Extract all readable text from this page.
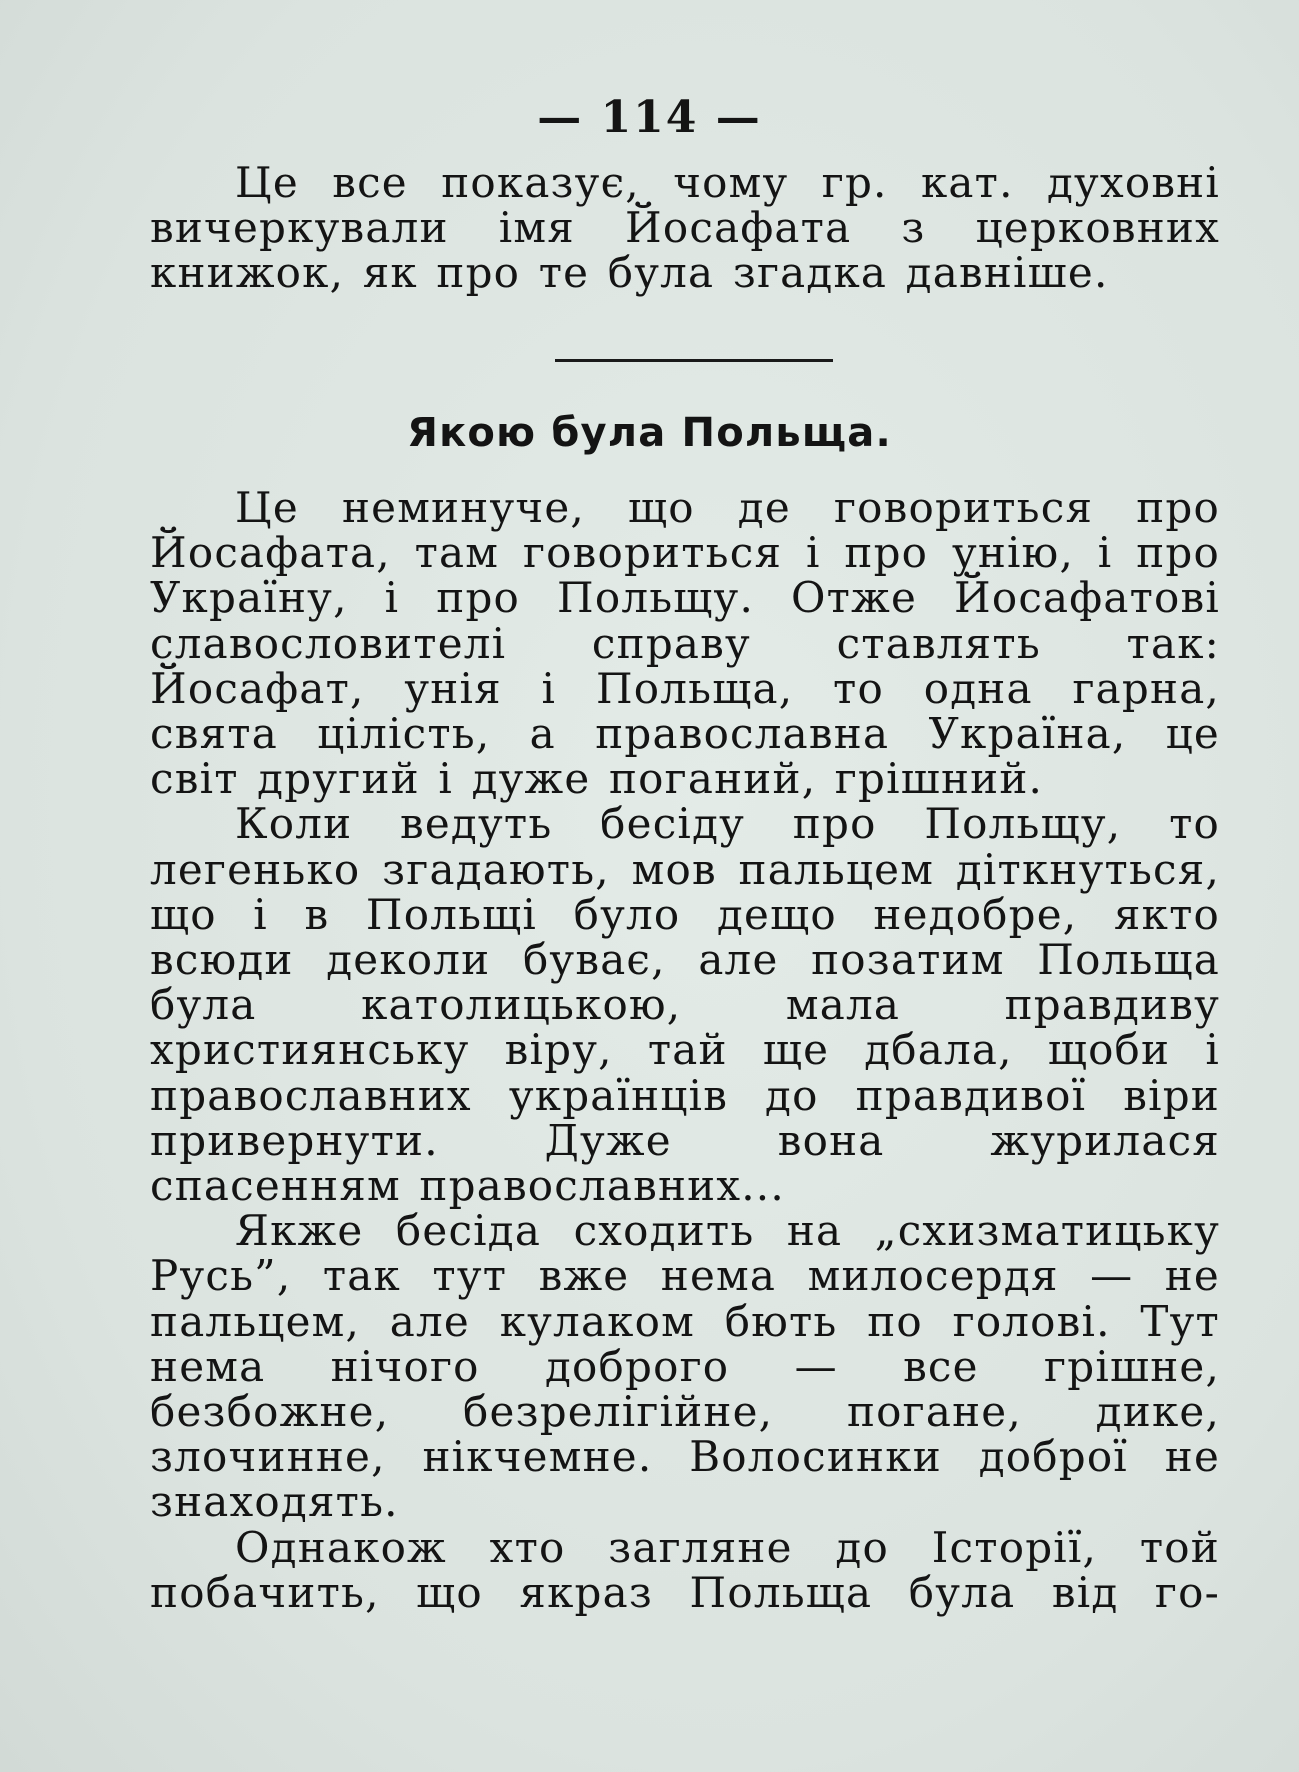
— 114 —

Це все показує, чому гр. кат. духовні вичеркували імя Йосафата з церковних книжок, як про те була згадка давніше.

Якою була Польща.

Це неминуче, що де говориться про Йосафата, там говориться і про унію, і про Україну, і про Польщу. Отже Йосафатові славословителі справу ставлять так: Йосафат, унія і Польща, то одна гарна, свята цілість, а православна Україна, це світ другий і дуже поганий, грішний.

Коли ведуть бесіду про Польщу, то легенько згадають, мов пальцем діткнуться, що і в Польщі було дещо недобре, якто всюди деколи буває, але позатим Польща була католицькою, мала правдиву християнську віру, тай ще дбала, щоби і православних українців до правдивої віри привернути. Дуже вона журилася спасенням православних...

Якже бесіда сходить на „схизматицьку Русь”, так тут вже нема милосердя — не пальцем, але кулаком бють по голові. Тут нема нічого доброго — все грішне, безбожне, безрелігійне, погане, дике, злочинне, нікчемне. Волосинки доброї не знаходять.

Однакож хто загляне до Історії, той побачить, що якраз Польща була від го-
